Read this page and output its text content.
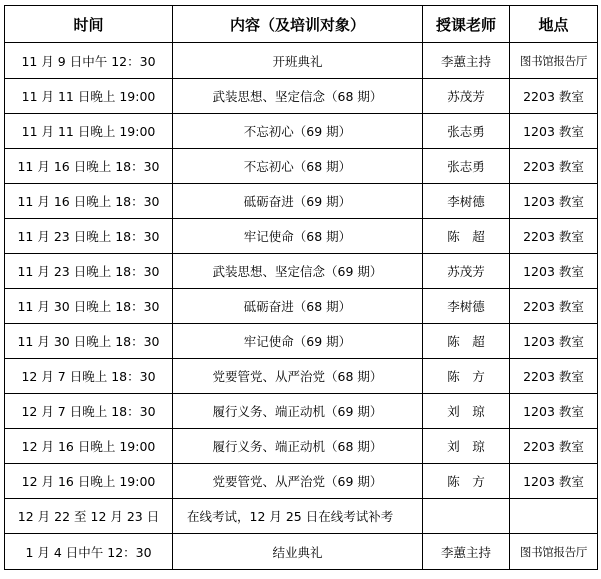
时间	内容（及培训对象）	授课老师	地点
11 月 9 日中午 12：30	开班典礼	李蕙主持	图书馆报告厅
11 月 11 日晚上 19:00	武装思想、坚定信念（68 期）	苏茂芳	2203 教室
11 月 11 日晚上 19:00	不忘初心（69 期）	张志勇	1203 教室
11 月 16 日晚上 18：30	不忘初心（68 期）	张志勇	2203 教室
11 月 16 日晚上 18：30	砥砺奋进（69 期）	李树德	1203 教室
11 月 23 日晚上 18：30	牢记使命（68 期）	陈　超	2203 教室
11 月 23 日晚上 18：30	武装思想、坚定信念（69 期）	苏茂芳	1203 教室
11 月 30 日晚上 18：30	砥砺奋进（68 期）	李树德	2203 教室
11 月 30 日晚上 18：30	牢记使命（69 期）	陈　超	1203 教室
12 月 7 日晚上 18：30	党要管党、从严治党（68 期）	陈　方	2203 教室
12 月 7 日晚上 18：30	履行义务、端正动机（69 期）	刘　琼	1203 教室
12 月 16 日晚上 19:00	履行义务、端正动机（68 期）	刘　琼	2203 教室
12 月 16 日晚上 19:00	党要管党、从严治党（69 期）	陈　方	1203 教室
12 月 22 至 12 月 23 日	在线考试，12 月 25 日在线考试补考		
1 月 4 日中午 12：30	结业典礼	李蕙主持	图书馆报告厅
